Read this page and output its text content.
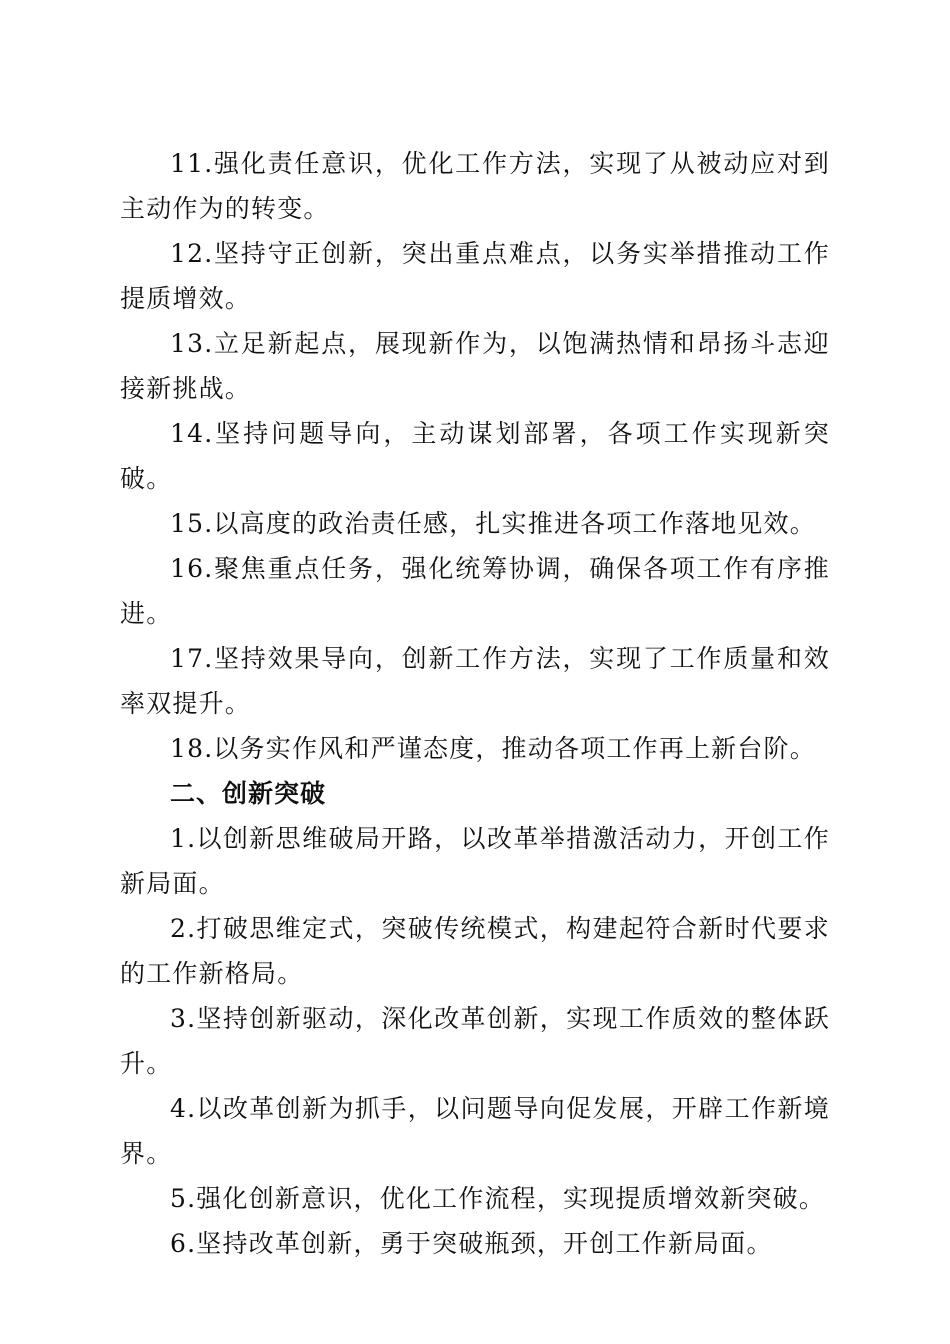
11.强化责任意识，优化工作方法，实现了从被动应对到主动作为的转变。

12.坚持守正创新，突出重点难点，以务实举措推动工作提质增效。

13.立足新起点，展现新作为，以饱满热情和昂扬斗志迎接新挑战。

14.坚持问题导向，主动谋划部署，各项工作实现新突破。

15.以高度的政治责任感，扎实推进各项工作落地见效。

16.聚焦重点任务，强化统筹协调，确保各项工作有序推进。

17.坚持效果导向，创新工作方法，实现了工作质量和效率双提升。

18.以务实作风和严谨态度，推动各项工作再上新台阶。

二、创新突破

1.以创新思维破局开路，以改革举措激活动力，开创工作新局面。

2.打破思维定式，突破传统模式，构建起符合新时代要求的工作新格局。

3.坚持创新驱动，深化改革创新，实现工作质效的整体跃升。

4.以改革创新为抓手，以问题导向促发展，开辟工作新境界。

5.强化创新意识，优化工作流程，实现提质增效新突破。

6.坚持改革创新，勇于突破瓶颈，开创工作新局面。
